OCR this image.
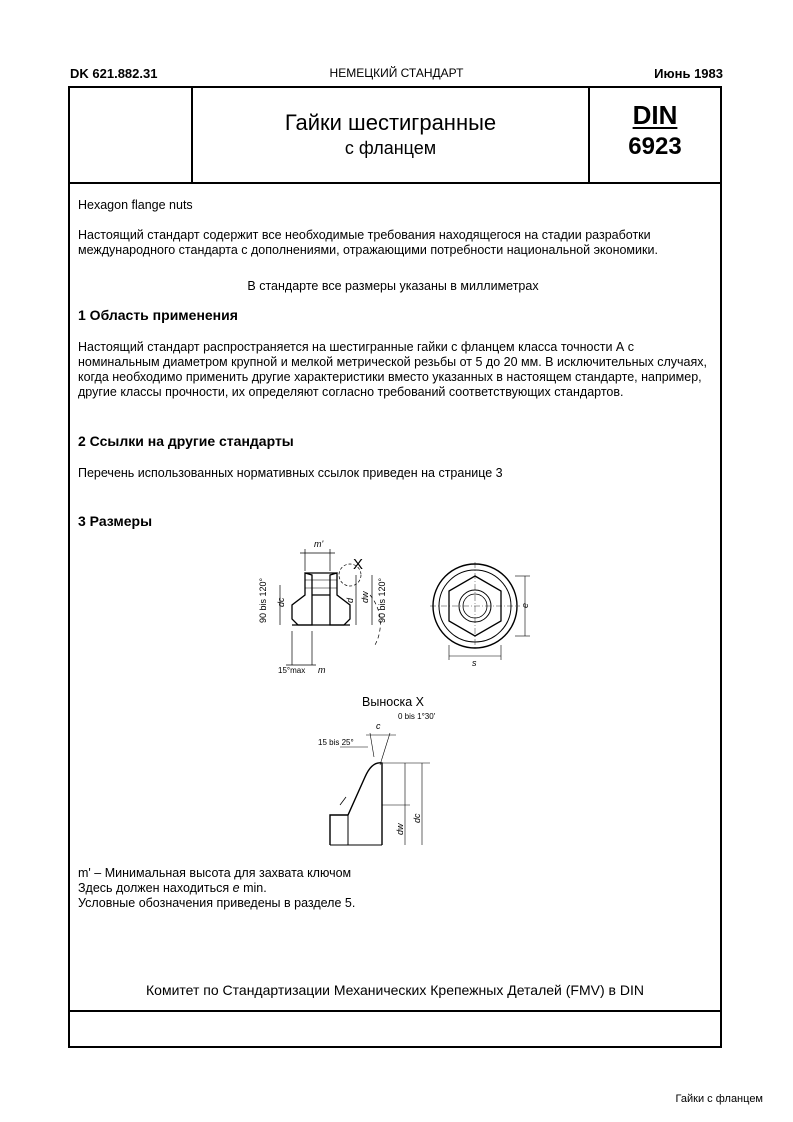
DK 621.882.31	НЕМЕЦКИЙ СТАНДАРТ	Июнь 1983
Гайки шестигранные
с фланцем
DIN
6923
Hexagon flange nuts
Настоящий стандарт содержит все необходимые требования находящегося на стадии разработки международного стандарта с дополнениями, отражающими потребности национальной экономики.
В стандарте все размеры указаны в миллиметрах
1 Область применения
Настоящий стандарт распространяется на шестигранные гайки с фланцем класса точности А с номинальным диаметром крупной и мелкой метрической резьбы от 5 до 20 мм. В исключительных случаях, когда необходимо применить другие характеристики вместо указанных в настоящем стандарте, например, другие классы прочности, их определяют согласно требований соответствующих стандартов.
2 Ссылки на другие стандарты
Перечень использованных нормативных ссылок приведен на странице 3
3 Размеры
Выноска X
m' – Минимальная высота для захвата ключом
Здесь должен находиться e min.
Условные обозначения приведены в разделе 5.
Комитет по Стандартизации Механических Крепежных Деталей (FMV) в DIN
m'
X
90 bis 120° dc	d dw 90 bis 120°
15°max m
e
s
0 bis 1°30'
c
15 bis 25°
dw
dc
Гайки с фланцем
